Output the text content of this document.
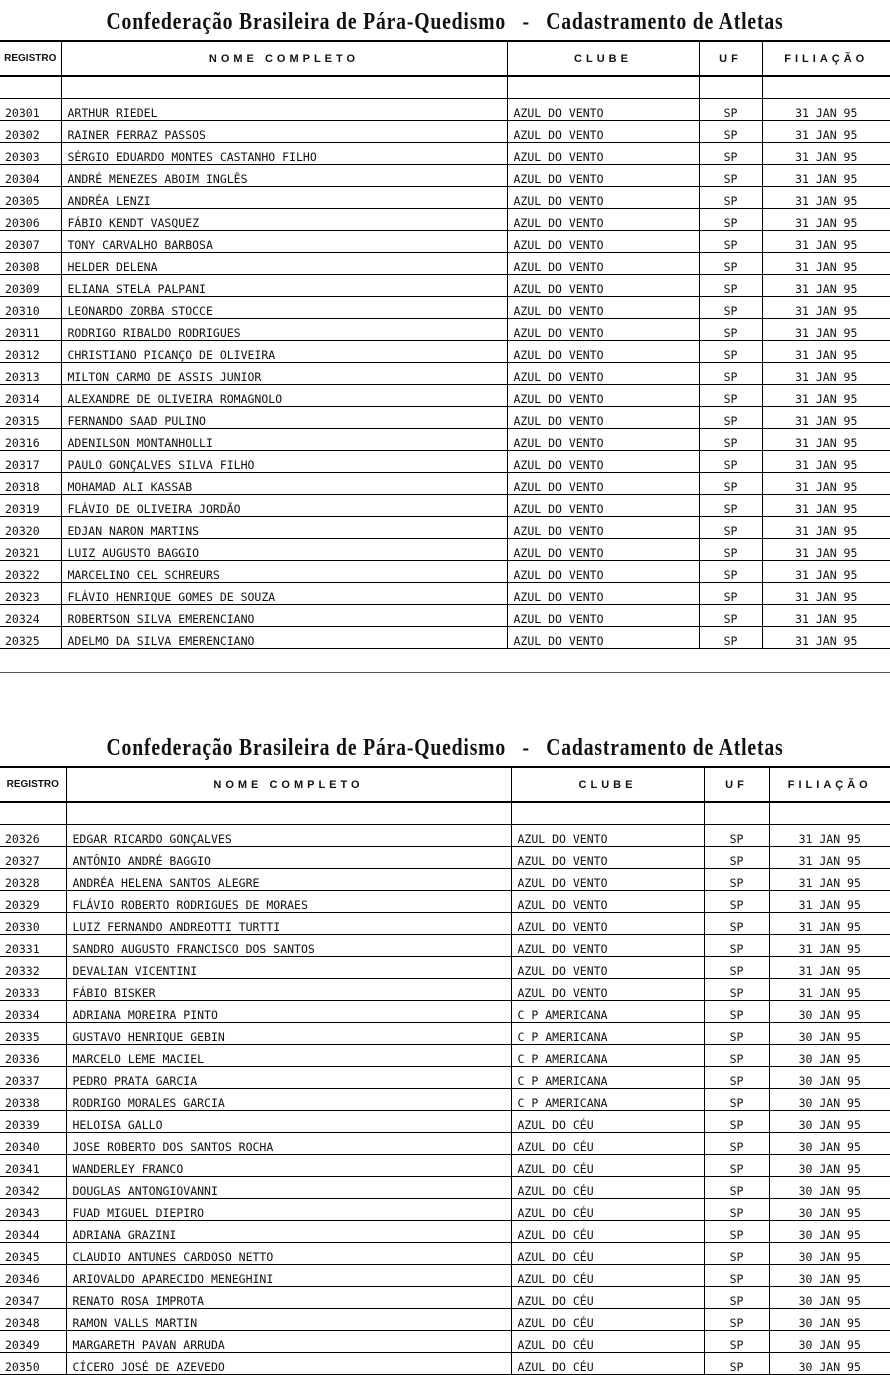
Confederação Brasileira de Pára-Quedismo - Cadastramento de Atletas
REGISTRO	NOME COMPLETO	CLUBE	UF	FILIAÇÃO

20301	ARTHUR RIEDEL	AZUL DO VENTO	SP	31 JAN 95
20302	RAINER FERRAZ PASSOS	AZUL DO VENTO	SP	31 JAN 95
20303	SÉRGIO EDUARDO MONTES CASTANHO FILHO	AZUL DO VENTO	SP	31 JAN 95
20304	ANDRÉ MENEZES ABOIM INGLÊS	AZUL DO VENTO	SP	31 JAN 95
20305	ANDRÉA LENZI	AZUL DO VENTO	SP	31 JAN 95
20306	FÁBIO KENDT VASQUEZ	AZUL DO VENTO	SP	31 JAN 95
20307	TONY CARVALHO BARBOSA	AZUL DO VENTO	SP	31 JAN 95
20308	HELDER DELENA	AZUL DO VENTO	SP	31 JAN 95
20309	ELIANA STELA PALPANI	AZUL DO VENTO	SP	31 JAN 95
20310	LEONARDO ZORBA STOCCE	AZUL DO VENTO	SP	31 JAN 95
20311	RODRIGO RIBALDO RODRIGUES	AZUL DO VENTO	SP	31 JAN 95
20312	CHRISTIANO PICANÇO DE OLIVEIRA	AZUL DO VENTO	SP	31 JAN 95
20313	MILTON CARMO DE ASSIS JUNIOR	AZUL DO VENTO	SP	31 JAN 95
20314	ALEXANDRE DE OLIVEIRA ROMAGNOLO	AZUL DO VENTO	SP	31 JAN 95
20315	FERNANDO SAAD PULINO	AZUL DO VENTO	SP	31 JAN 95
20316	ADENILSON MONTANHOLLI	AZUL DO VENTO	SP	31 JAN 95
20317	PAULO GONÇALVES SILVA FILHO	AZUL DO VENTO	SP	31 JAN 95
20318	MOHAMAD ALI KASSAB	AZUL DO VENTO	SP	31 JAN 95
20319	FLÁVIO DE OLIVEIRA JORDÃO	AZUL DO VENTO	SP	31 JAN 95
20320	EDJAN NARON MARTINS	AZUL DO VENTO	SP	31 JAN 95
20321	LUIZ AUGUSTO BAGGIO	AZUL DO VENTO	SP	31 JAN 95
20322	MARCELINO CEL SCHREURS	AZUL DO VENTO	SP	31 JAN 95
20323	FLÁVIO HENRIQUE GOMES DE SOUZA	AZUL DO VENTO	SP	31 JAN 95
20324	ROBERTSON SILVA EMERENCIANO	AZUL DO VENTO	SP	31 JAN 95
20325	ADELMO DA SILVA EMERENCIANO	AZUL DO VENTO	SP	31 JAN 95
Confederação Brasileira de Pára-Quedismo - Cadastramento de Atletas
REGISTRO	NOME COMPLETO	CLUBE	UF	FILIAÇÃO

20326	EDGAR RICARDO GONÇALVES	AZUL DO VENTO	SP	31 JAN 95
20327	ANTÔNIO ANDRÉ BAGGIO	AZUL DO VENTO	SP	31 JAN 95
20328	ANDRÉA HELENA SANTOS ALEGRE	AZUL DO VENTO	SP	31 JAN 95
20329	FLÁVIO ROBERTO RODRIGUES DE MORAES	AZUL DO VENTO	SP	31 JAN 95
20330	LUIZ FERNANDO ANDREOTTI TURTTI	AZUL DO VENTO	SP	31 JAN 95
20331	SANDRO AUGUSTO FRANCISCO DOS SANTOS	AZUL DO VENTO	SP	31 JAN 95
20332	DEVALIAN VICENTINI	AZUL DO VENTO	SP	31 JAN 95
20333	FÁBIO BISKER	AZUL DO VENTO	SP	31 JAN 95
20334	ADRIANA MOREIRA PINTO	C P AMERICANA	SP	30 JAN 95
20335	GUSTAVO HENRIQUE GEBIN	C P AMERICANA	SP	30 JAN 95
20336	MARCELO LEME MACIEL	C P AMERICANA	SP	30 JAN 95
20337	PEDRO PRATA GARCIA	C P AMERICANA	SP	30 JAN 95
20338	RODRIGO MORALES GARCIA	C P AMERICANA	SP	30 JAN 95
20339	HELOISA GALLO	AZUL DO CÉU	SP	30 JAN 95
20340	JOSE ROBERTO DOS SANTOS ROCHA	AZUL DO CÉU	SP	30 JAN 95
20341	WANDERLEY FRANCO	AZUL DO CÉU	SP	30 JAN 95
20342	DOUGLAS ANTONGIOVANNI	AZUL DO CÉU	SP	30 JAN 95
20343	FUAD MIGUEL DIEPIRO	AZUL DO CÉU	SP	30 JAN 95
20344	ADRIANA GRAZINI	AZUL DO CÉU	SP	30 JAN 95
20345	CLAUDIO ANTUNES CARDOSO NETTO	AZUL DO CÉU	SP	30 JAN 95
20346	ARIOVALDO APARECIDO MENEGHINI	AZUL DO CÉU	SP	30 JAN 95
20347	RENATO ROSA IMPROTA	AZUL DO CÉU	SP	30 JAN 95
20348	RAMON VALLS MARTIN	AZUL DO CÉU	SP	30 JAN 95
20349	MARGARETH PAVAN ARRUDA	AZUL DO CÉU	SP	30 JAN 95
20350	CÍCERO JOSÉ DE AZEVEDO	AZUL DO CÉU	SP	30 JAN 95
